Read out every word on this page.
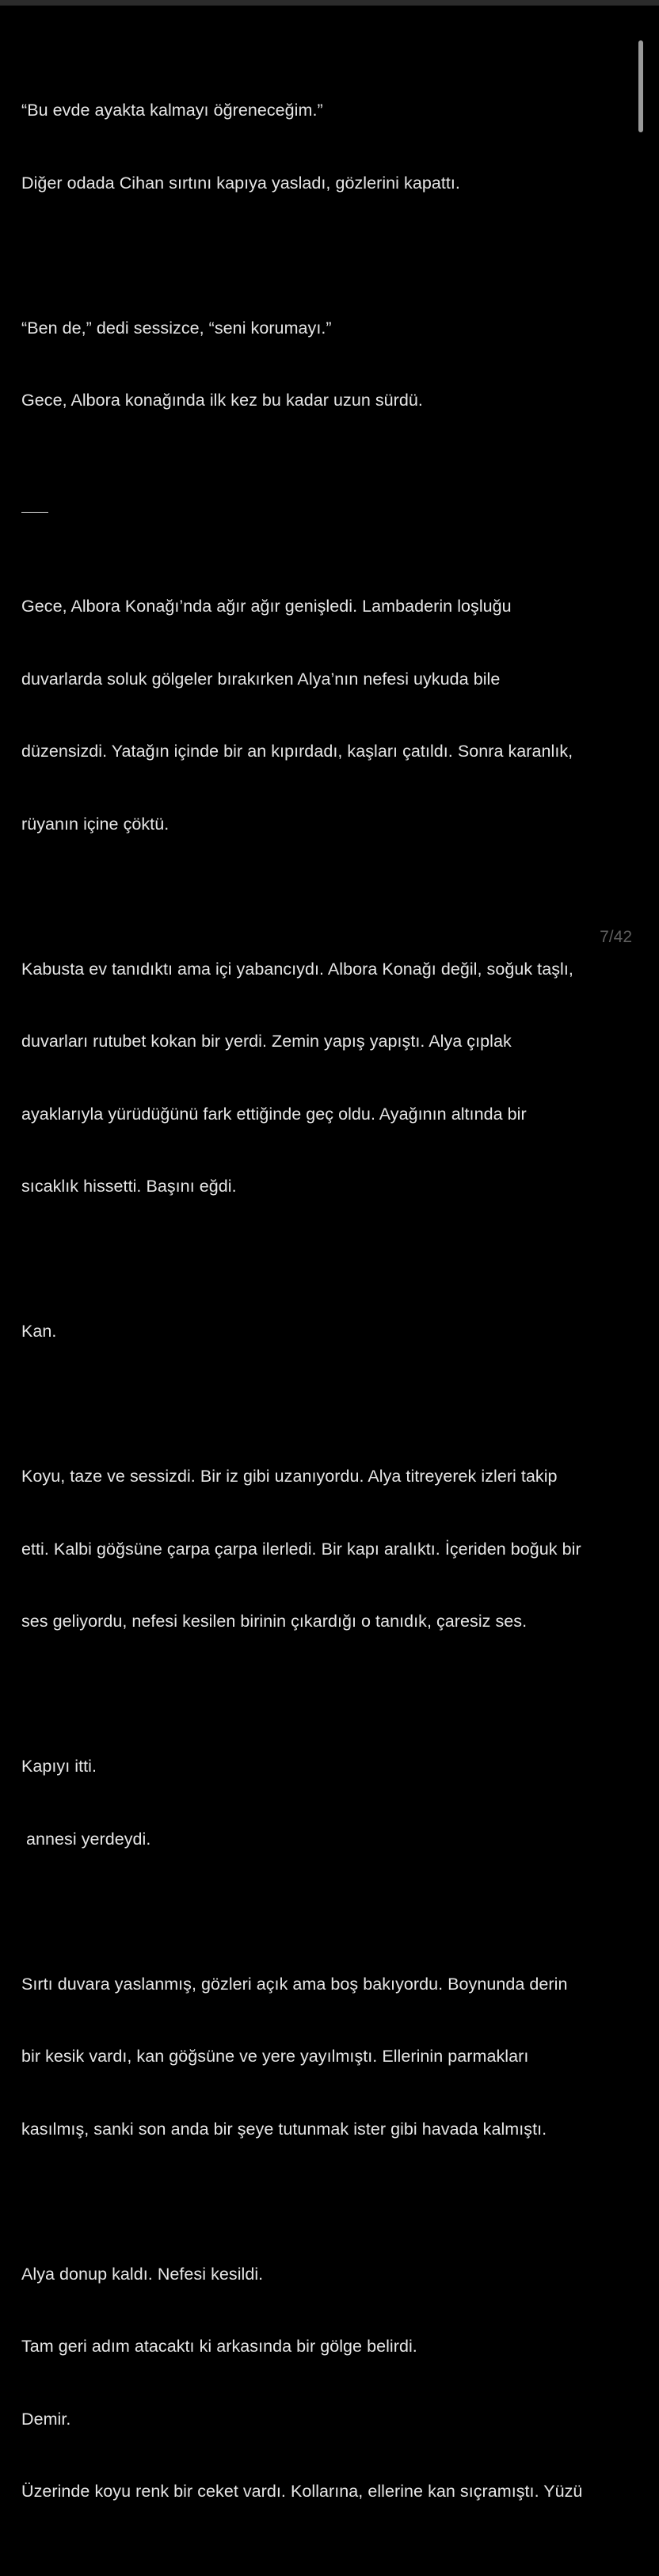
“Bu evde ayakta kalmayı öğreneceğim.”

Diğer odada Cihan sırtını kapıya yasladı, gözlerini kapattı.

“Ben de,” dedi sessizce, “seni korumayı.”

Gece, Albora konağında ilk kez bu kadar uzun sürdü.

Gece, Albora Konağı’nda ağır ağır genişledi. Lambaderin loşluğu

duvarlarda soluk gölgeler bırakırken Alya’nın nefesi uykuda bile

düzensizdi. Yatağın içinde bir an kıpırdadı, kaşları çatıldı. Sonra karanlık,

rüyanın içine çöktü.

Kabusta ev tanıdıktı ama içi yabancıydı. Albora Konağı değil, soğuk taşlı,

duvarları rutubet kokan bir yerdi. Zemin yapış yapıştı. Alya çıplak

ayaklarıyla yürüdüğünü fark ettiğinde geç oldu. Ayağının altında bir

sıcaklık hissetti. Başını eğdi.

Kan.

Koyu, taze ve sessizdi. Bir iz gibi uzanıyordu. Alya titreyerek izleri takip

etti. Kalbi göğsüne çarpa çarpa ilerledi. Bir kapı aralıktı. İçeriden boğuk bir

ses geliyordu, nefesi kesilen birinin çıkardığı o tanıdık, çaresiz ses.

Kapıyı itti.

annesi yerdeydi.

Sırtı duvara yaslanmış, gözleri açık ama boş bakıyordu. Boynunda derin

bir kesik vardı, kan göğsüne ve yere yayılmıştı. Ellerinin parmakları

kasılmış, sanki son anda bir şeye tutunmak ister gibi havada kalmıştı.

Alya donup kaldı. Nefesi kesildi.

Tam geri adım atacaktı ki arkasında bir gölge belirdi.

Demir.

Üzerinde koyu renk bir ceket vardı. Kollarına, ellerine kan sıçramıştı. Yüzü

7/42
